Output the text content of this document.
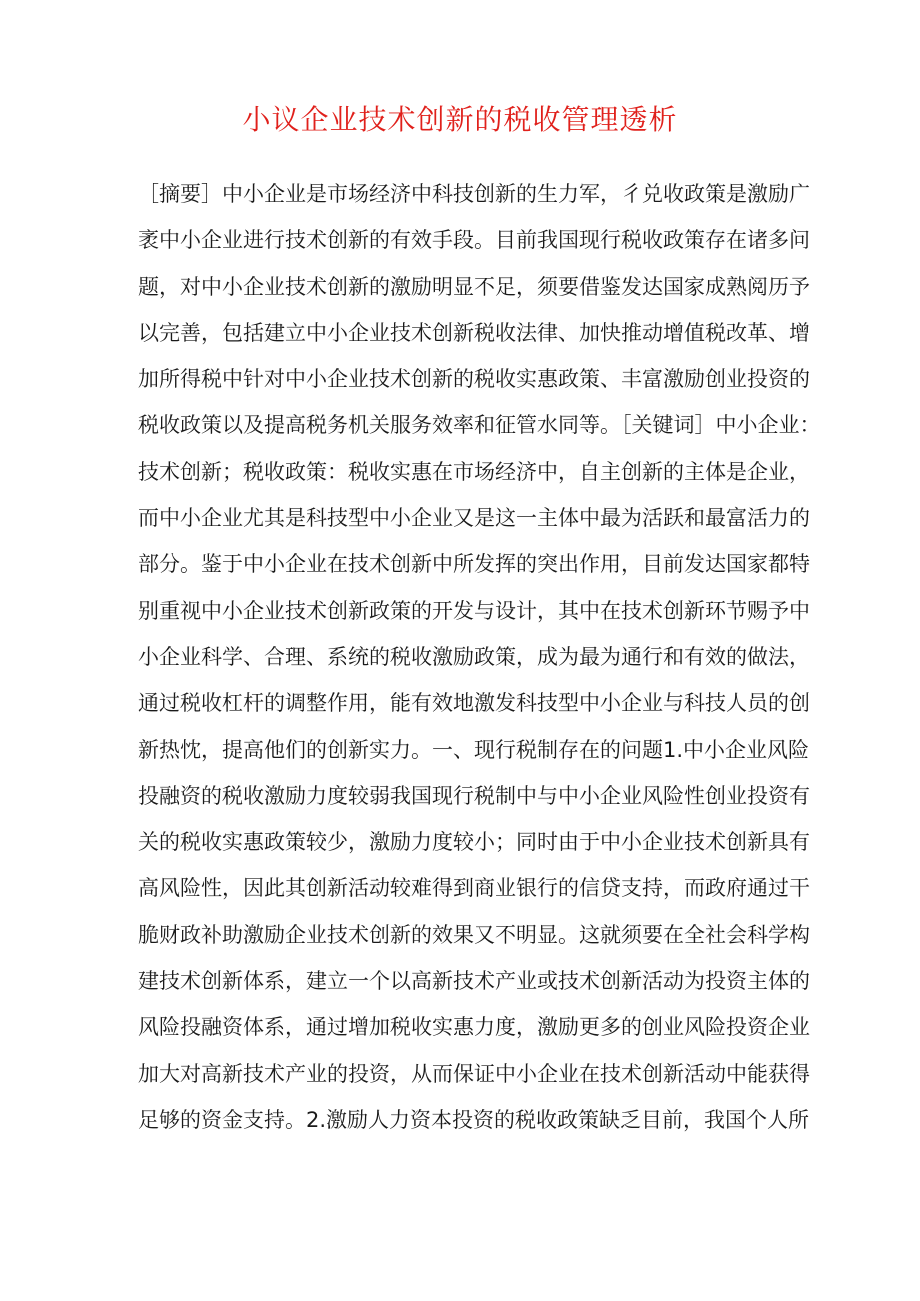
小议企业技术创新的税收管理透析
［摘要］中小企业是市场经济中科技创新的生力军，彳兑收政策是激励广
袤中小企业进行技术创新的有效手段。目前我国现行税收政策存在诸多问
题，对中小企业技术创新的激励明显不足，须要借鉴发达国家成熟阅历予
以完善，包括建立中小企业技术创新税收法律、加快推动增值税改革、增
加所得税中针对中小企业技术创新的税收实惠政策、丰富激励创业投资的
税收政策以及提高税务机关服务效率和征管水同等。［关键词］中小企业：
技术创新；税收政策：税收实惠在市场经济中，自主创新的主体是企业，
而中小企业尤其是科技型中小企业又是这一主体中最为活跃和最富活力的
部分。鉴于中小企业在技术创新中所发挥的突出作用，目前发达国家都特
别重视中小企业技术创新政策的开发与设计，其中在技术创新环节赐予中
小企业科学、合理、系统的税收激励政策，成为最为通行和有效的做法，
通过税收杠杆的调整作用，能有效地激发科技型中小企业与科技人员的创
新热忱，提高他们的创新实力。一、现行税制存在的问题1.中小企业风险
投融资的税收激励力度较弱我国现行税制中与中小企业风险性创业投资有
关的税收实惠政策较少，激励力度较小；同时由于中小企业技术创新具有
高风险性，因此其创新活动较难得到商业银行的信贷支持，而政府通过干
脆财政补助激励企业技术创新的效果又不明显。这就须要在全社会科学构
建技术创新体系，建立一个以高新技术产业或技术创新活动为投资主体的
风险投融资体系，通过增加税收实惠力度，激励更多的创业风险投资企业
加大对高新技术产业的投资，从而保证中小企业在技术创新活动中能获得
足够的资金支持。2.激励人力资本投资的税收政策缺乏目前，我国个人所
